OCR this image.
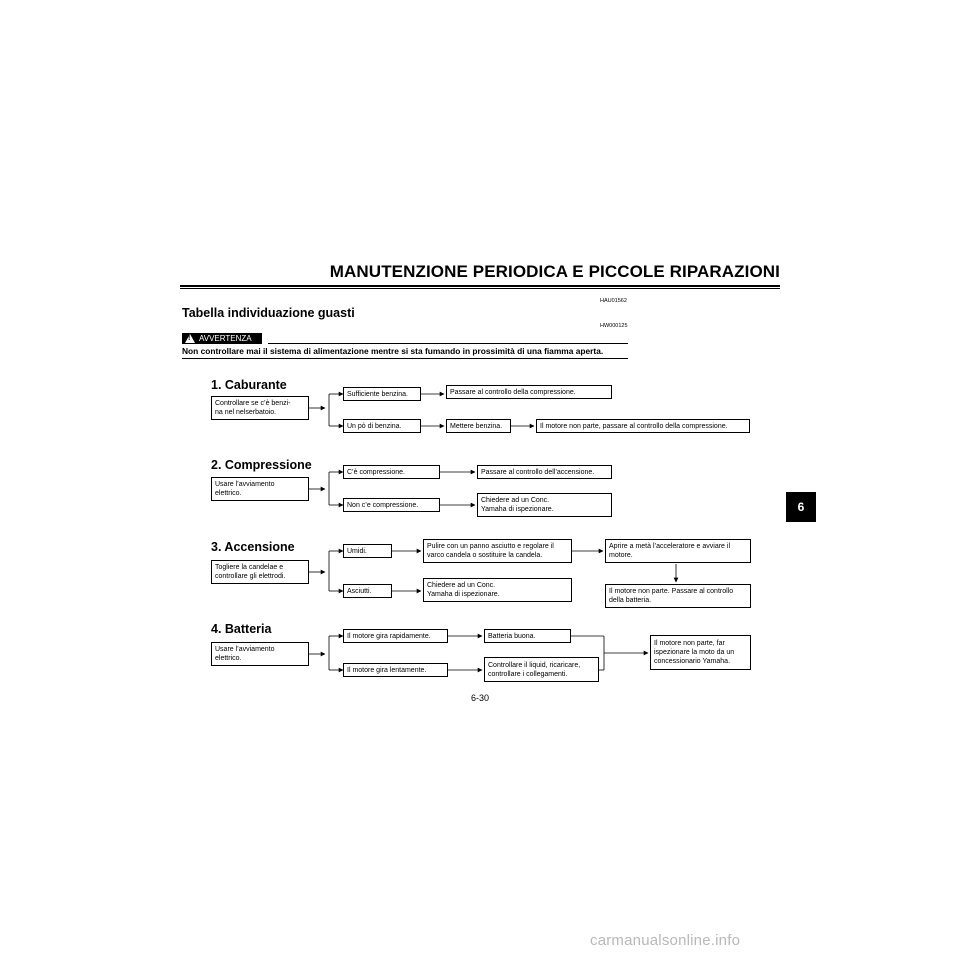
MANUTENZIONE PERIODICA E PICCOLE RIPARAZIONI
HAU01562
Tabella individuazione guasti
HW000125
!
AVVERTENZA
Non controllare mai il sistema di alimentazione mentre si sta fumando in prossimità di una fiamma aperta.
1. Caburante
Controllare se c’è benzi-
na nel nelserbatoio.
Sufficiente benzina.	Passare al controllo della compressione.
Un pò di benzina.	Mettere benzina.	Il motore non parte, passare al controllo della compressione.
2. Compressione
Usare l’avviamento
elettrico.
C’è compressione.	Passare al controllo dell’accensione.
Non c’e compressione.
Chiedere ad un Conc.
Yamaha di ispezionare.
3. Accensione
Togliere la candelae e
controllare gli elettrodi.
Umidi.
Pulire con un panno asciutto e regolare il
varco candela o sostituire la candela.
Aprire a metà l’acceleratore e avviare il
motore.
Il motore non parte. Passare al controllo
della batteria.
Asciutti.
Chiedere ad un Conc.
Yamaha di ispezionare.
4. Batteria
Usare l’avviamento
elettrico.
Il motore gira rapidamente.	Batteria buona.
Il motore gira lentamente.
Controllare il liquid, ricaricare,
controllare i collegamenti.
Il motore non parte, far
ispezionare la moto da un
concessionario Yamaha.
6
6-30
carmanualsonline.info
